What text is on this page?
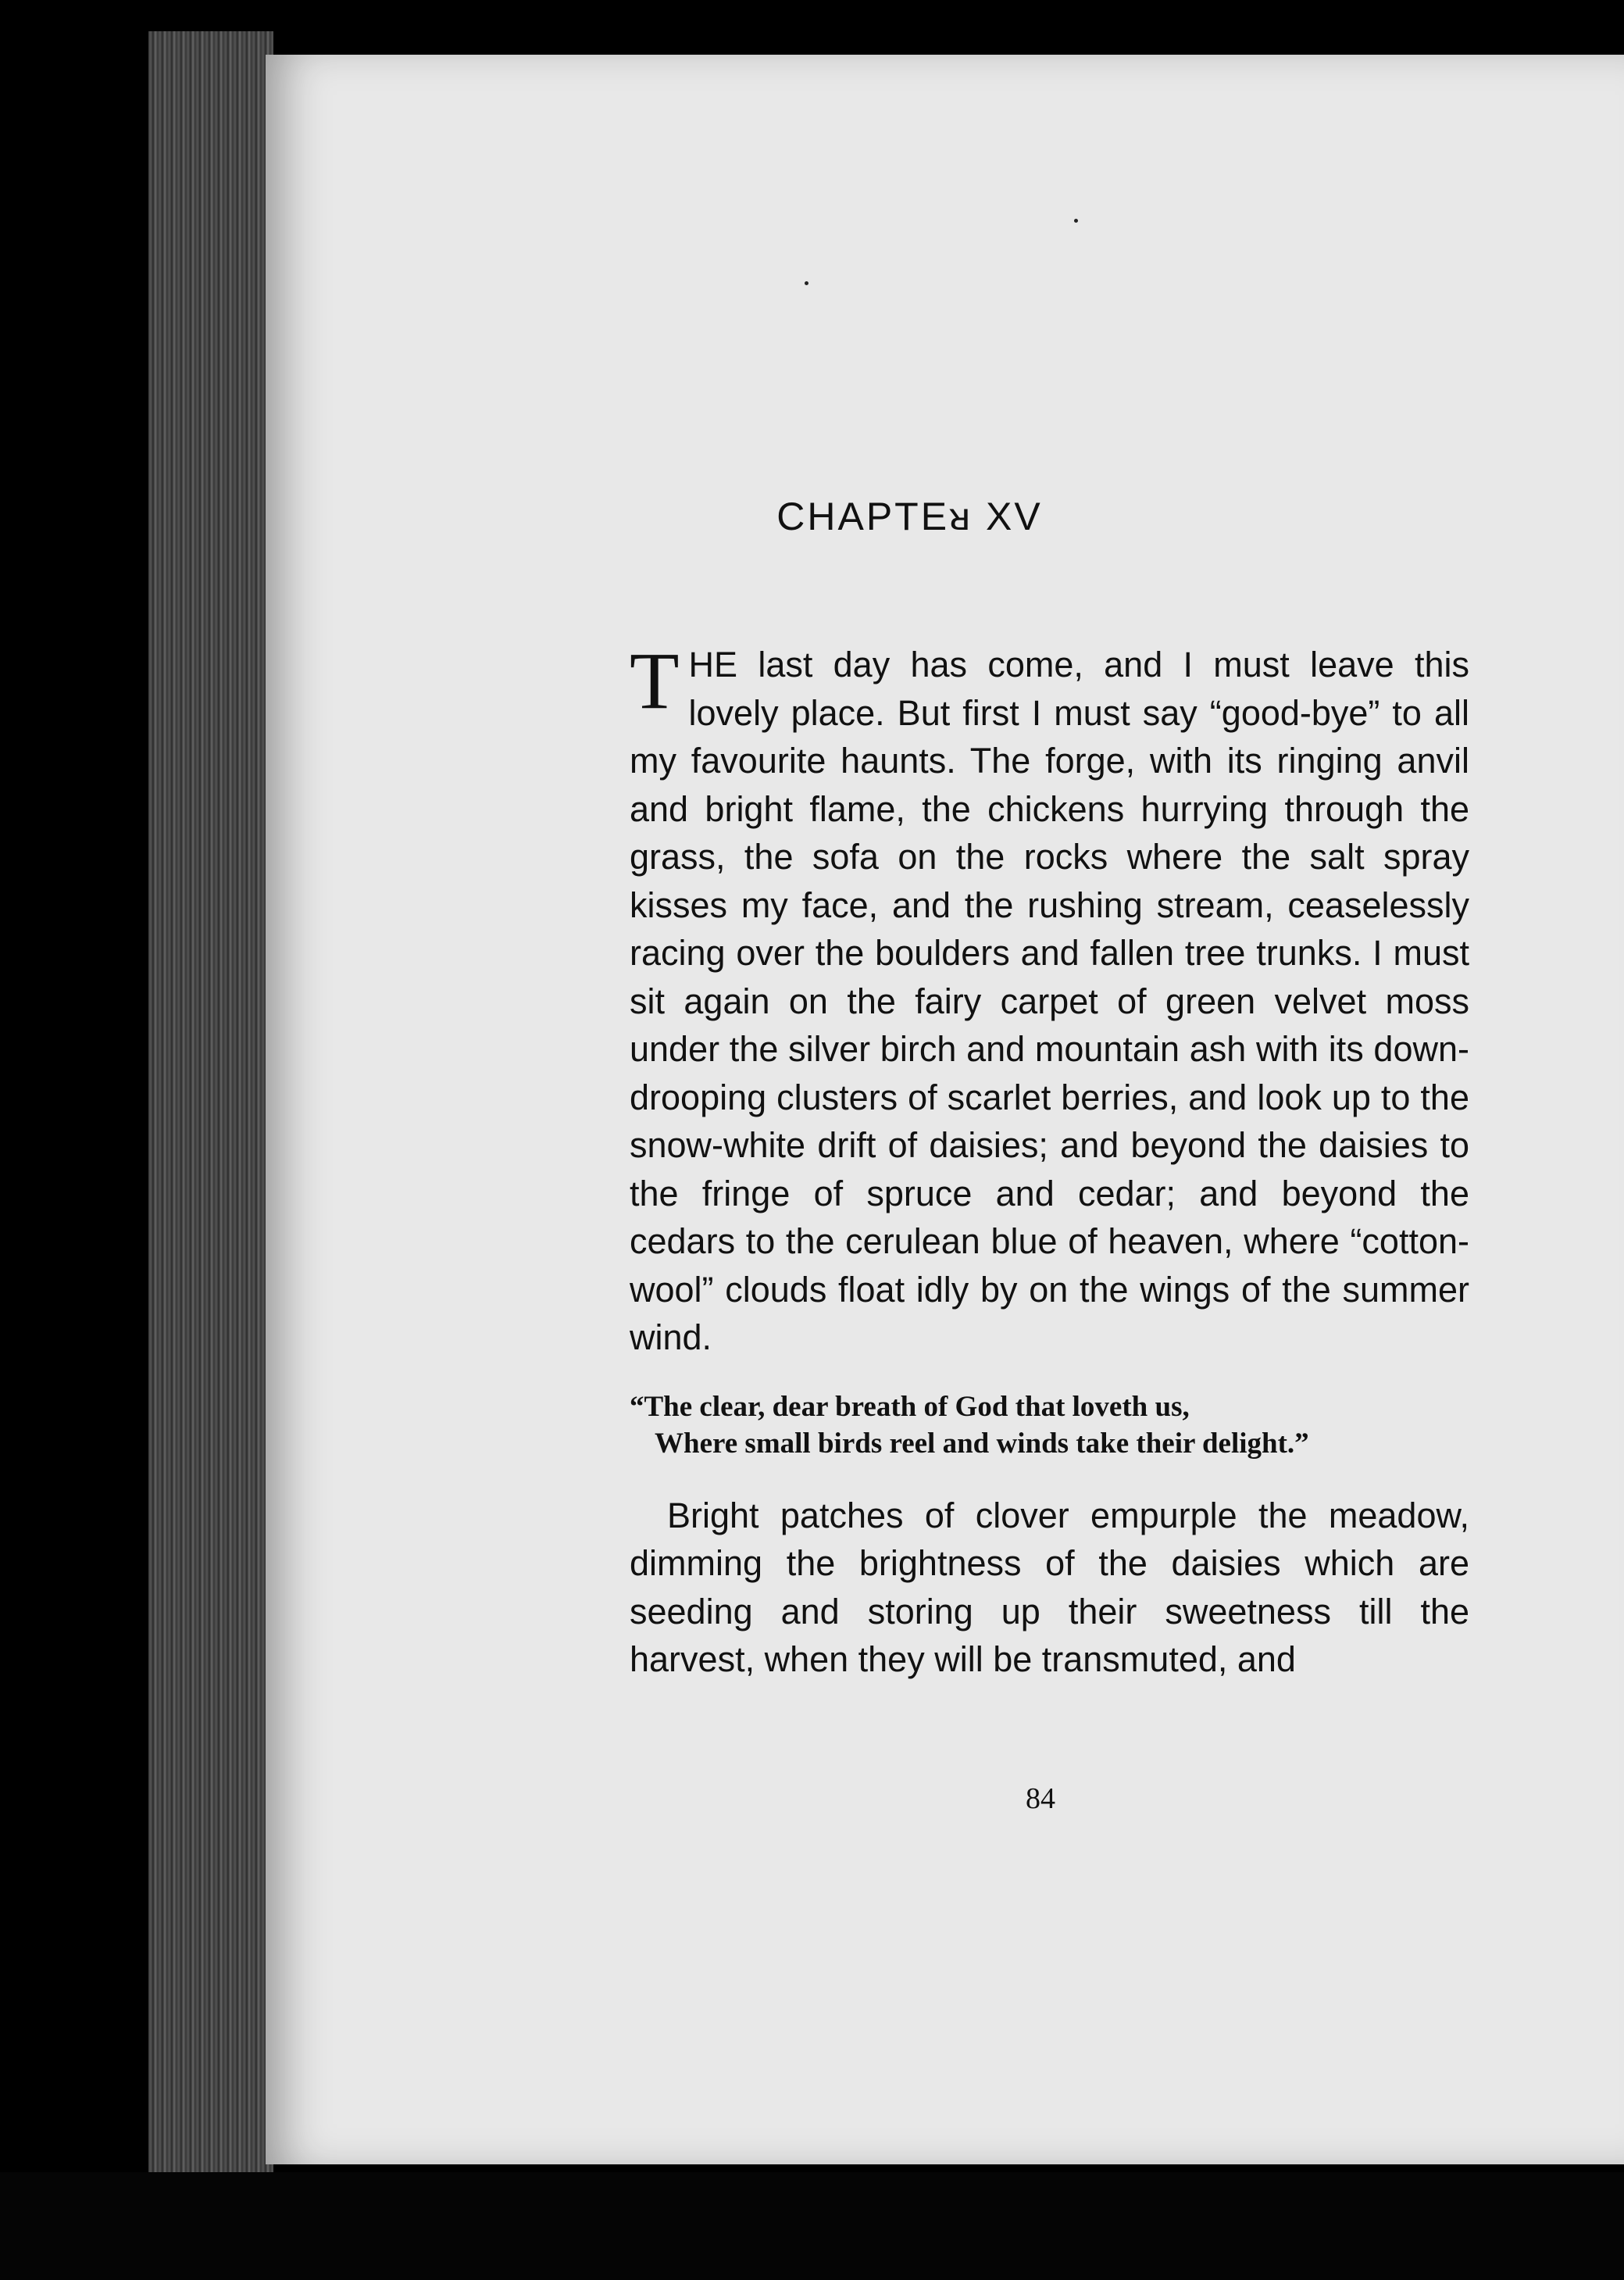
CHAPTEᴚ XV

THE last day has come, and I must leave this lovely place. But first I must say “good-bye” to all my favourite haunts. The forge, with its ringing anvil and bright flame, the chickens hurrying through the grass, the sofa on the rocks where the salt spray kisses my face, and the rushing stream, ceaselessly racing over the boulders and fallen tree trunks. I must sit again on the fairy carpet of green velvet moss under the silver birch and mountain ash with its down-drooping clusters of scarlet berries, and look up to the snow-white drift of daisies; and beyond the daisies to the fringe of spruce and cedar; and beyond the cedars to the cerulean blue of heaven, where “cotton-wool” clouds float idly by on the wings of the summer wind.

“The clear, dear breath of God that loveth us,
Where small birds reel and winds take their delight.”

Bright patches of clover empurple the meadow, dimming the brightness of the daisies which are seeding and storing up their sweetness till the harvest, when they will be transmuted, and

84
